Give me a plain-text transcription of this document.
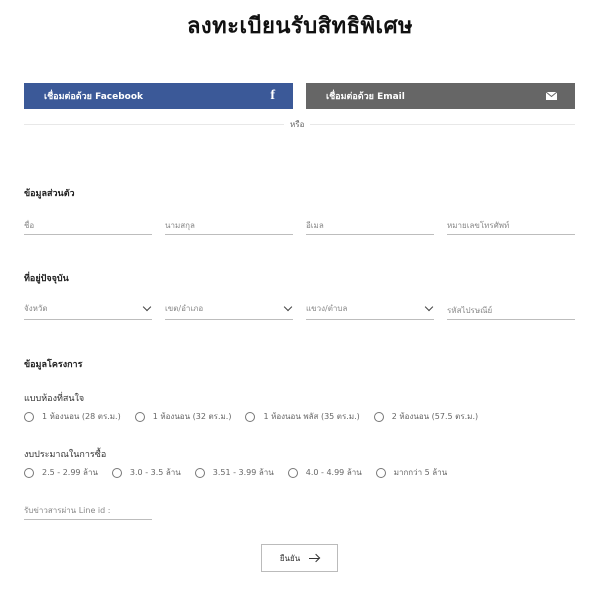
ลงทะเบียนรับสิทธิพิเศษ
เชื่อมต่อด้วย Facebook	f	เชื่อมต่อด้วย Email
หรือ
ข้อมูลส่วนตัว
ชื่อ
นามสกุล
อีเมล
หมายเลขโทรศัพท์
ที่อยู่ปัจจุบัน
จังหวัด	เขต/อำเภอ	แขวง/ตำบล
รหัสไปรษณีย์
ข้อมูลโครงการ
แบบห้องที่สนใจ
1 ห้องนอน (28 ตร.ม.)	1 ห้องนอน (32 ตร.ม.)	1 ห้องนอน พลัส (35 ตร.ม.)	2 ห้องนอน (57.5 ตร.ม.)
งบประมาณในการซื้อ
2.5 - 2.99 ล้าน	3.0 - 3.5 ล้าน	3.51 - 3.99 ล้าน	4.0 - 4.99 ล้าน	มากกว่า 5 ล้าน
รับข่าวสารผ่าน Line id :
ยืนยัน
